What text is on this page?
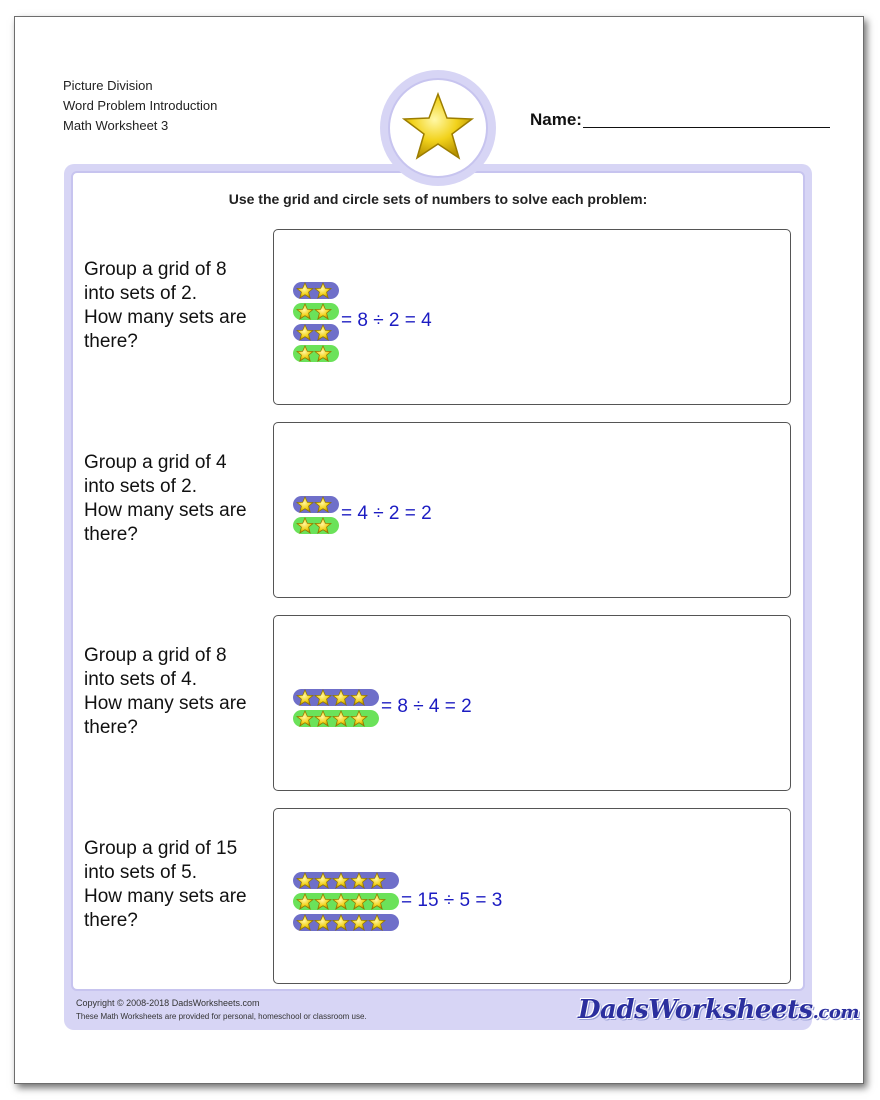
Picture Division
Word Problem Introduction
Math Worksheet 3	Name:
Use the grid and circle sets of numbers to solve each problem:
Group a grid of 8
into sets of 2.
How many sets are
there?
= 8 ÷ 2 = 4
Group a grid of 4
into sets of 2.
How many sets are
there?
= 4 ÷ 2 = 2
Group a grid of 8
into sets of 4.
How many sets are
there?
= 8 ÷ 4 = 2
Group a grid of 15
into sets of 5.
How many sets are
there?
= 15 ÷ 5 = 3
Copyright © 2008-2018 DadsWorksheets.com
These Math Worksheets are provided for personal, homeschool or classroom use.	DadsWorksheets.com
